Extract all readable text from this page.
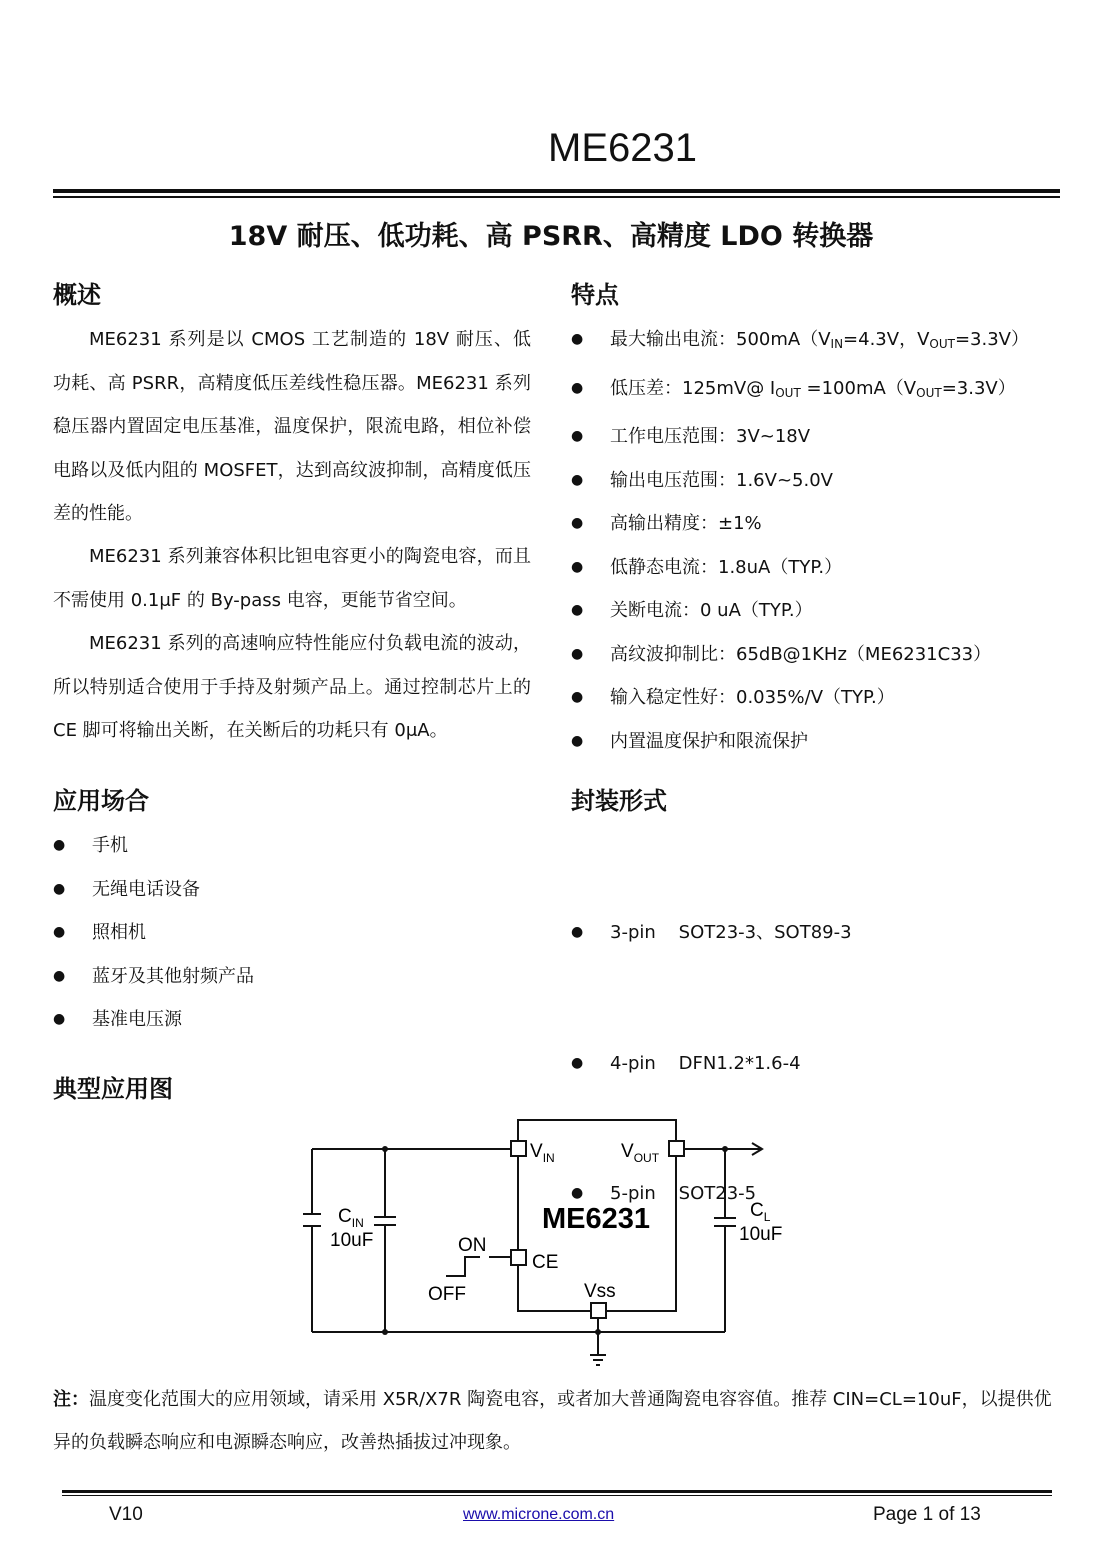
ME6231
18V 耐压、低功耗、高 PSRR、高精度 LDO 转换器
概述
ME6231 系列是以 CMOS 工艺制造的 18V 耐压、低功耗、高 PSRR，高精度低压差线性稳压器。ME6231 系列稳压器内置固定电压基准，温度保护，限流电路，相位补偿电路以及低内阻的 MOSFET，达到高纹波抑制，高精度低压差的性能。
ME6231 系列兼容体积比钽电容更小的陶瓷电容，而且不需使用 0.1μF 的 By-pass 电容，更能节省空间。
ME6231 系列的高速响应特性能应付负载电流的波动，所以特别适合使用于手持及射频产品上。通过控制芯片上的 CE 脚可将输出关断，在关断后的功耗只有 0μA。
特点
● 最大输出电流：$500mA(V_{IN}=4.3V$，$V_{OUT}=3.3V$）
● 低压差：125mV@ $I_{OUT} =100mA(V_{OUT}=3.3V)$
● 工作电压范围：3V~18V
● 输出电压范围：1.6V~5.0V
● 高输出精度：±1%
● 低静态电流：1.8uA（TYP.）
● 关断电流：0 uA（TYP.）
● 高纹波抑制比：65dB@1KHz（ME6231C33）
● 输入稳定性好：0.035%/V（TYP.）
● 内置温度保护和限流保护
应用场合
● 手机
● 无绳电话设备
● 照相机
● 蓝牙及其他射频产品
● 基准电压源
封装形式

● 3-pin    SOT23-3、SOT89-3

● 4-pin    DFN1.2*1.6-4

● 5-pin    SOT23-5

典型应用图
ME6231
$V_{IN}$	$V_{OUT}$
CE
Vss
ON
OFF
$C_{IN}$
10uF
$C_L$
10uF
注：温度变化范围大的应用领域，请采用 X5R/X7R 陶瓷电容，或者加大普通陶瓷电容容值。推荐 CIN=CL=10uF，以提供优异的负载瞬态响应和电源瞬态响应，改善热插拔过冲现象。
V10	www.microne.com.cn	Page 1 of 13
